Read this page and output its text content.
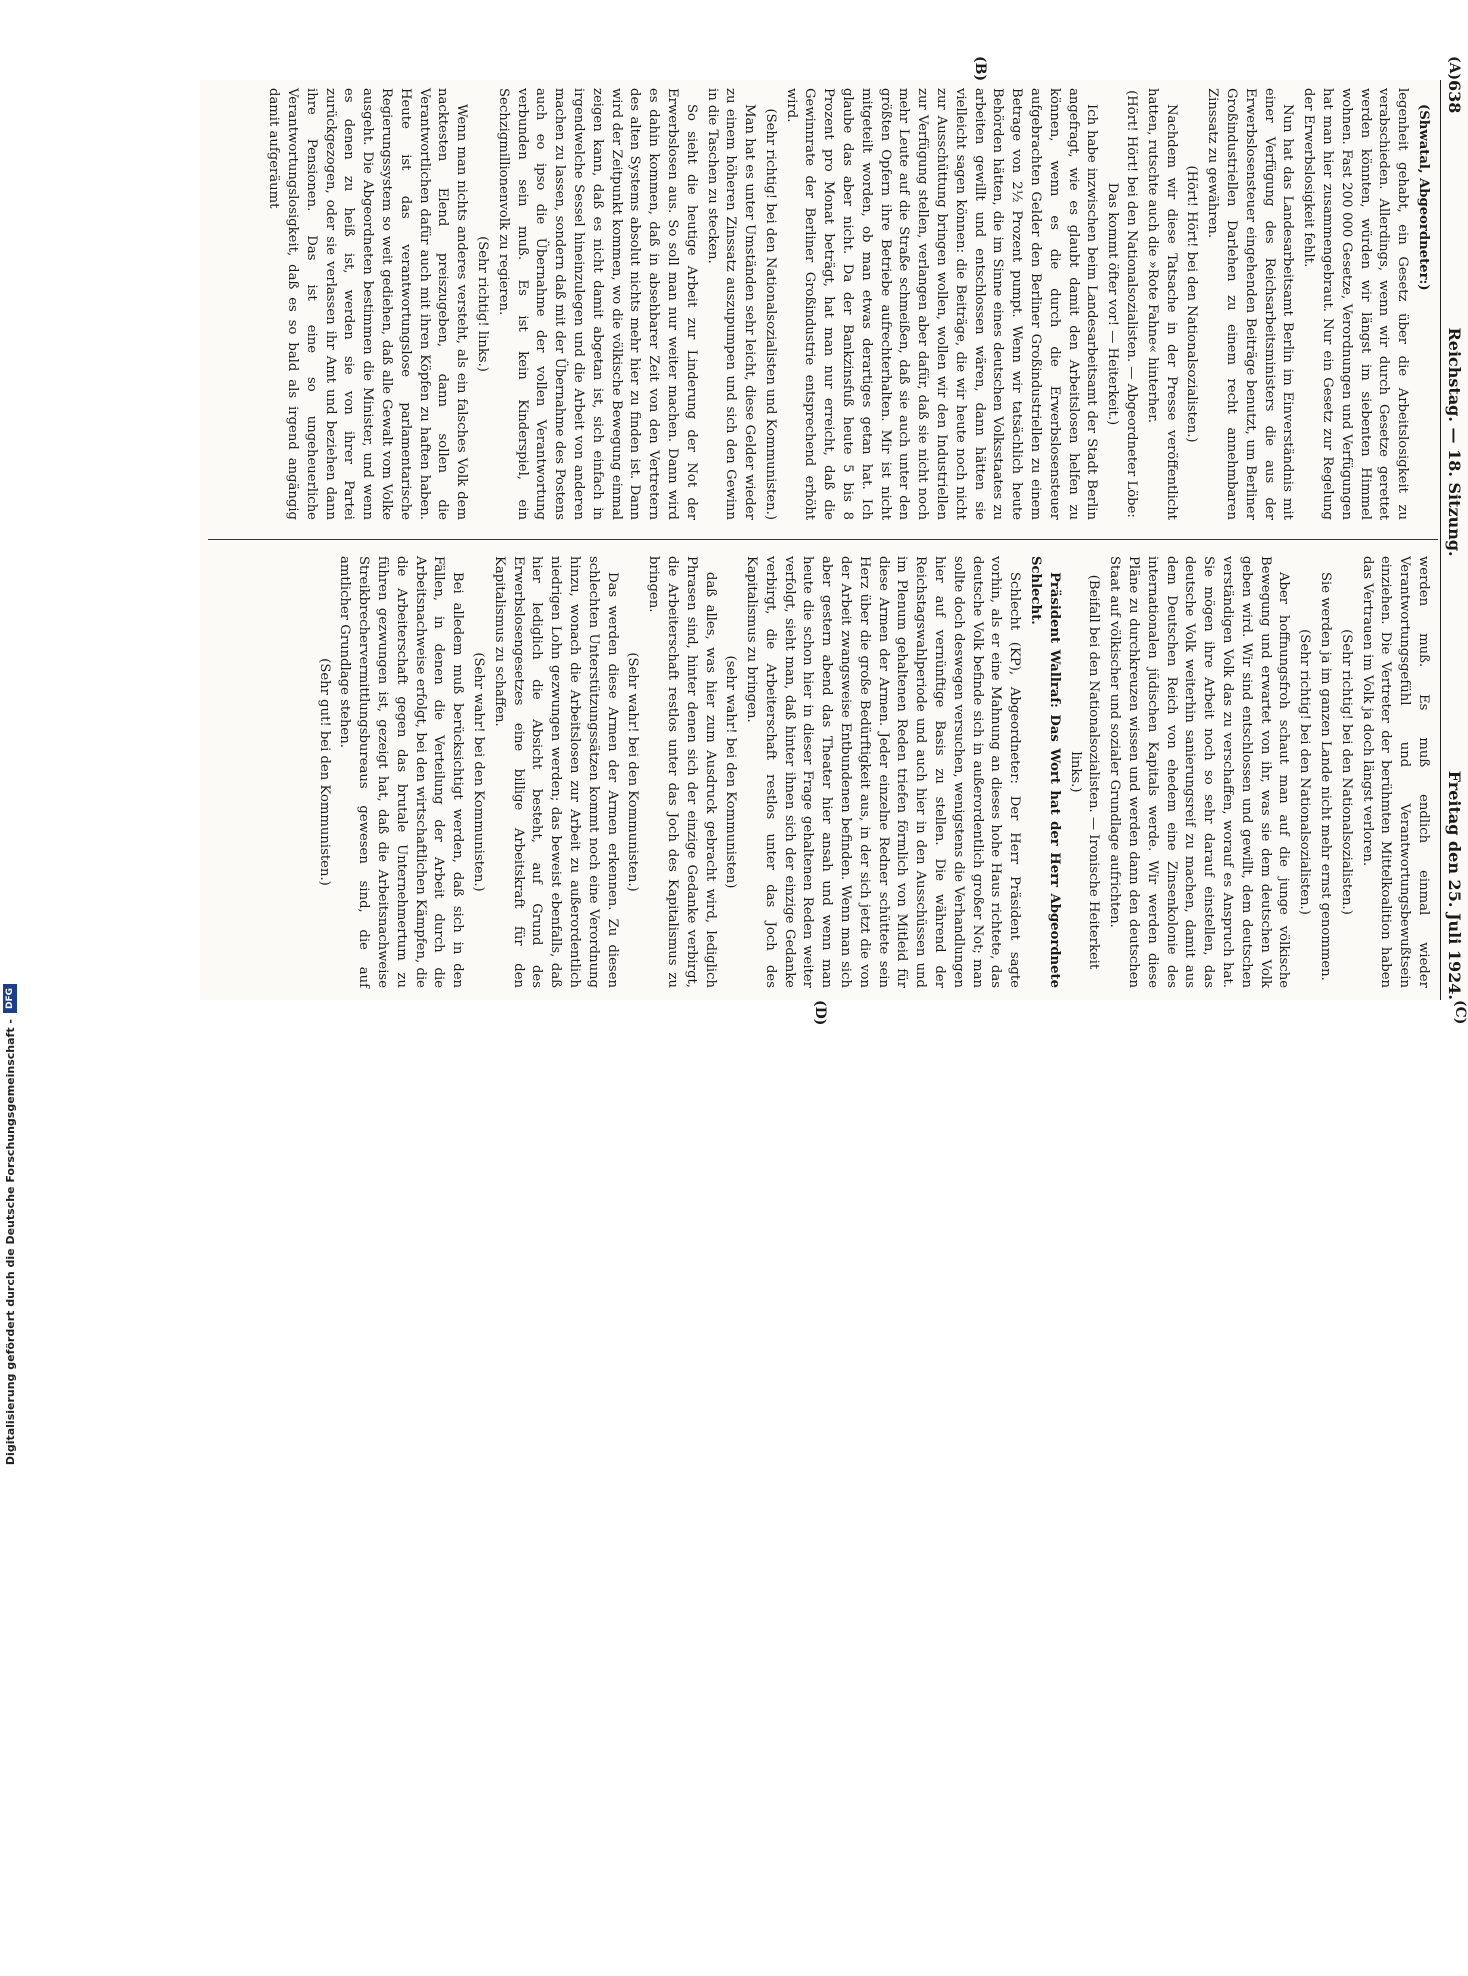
638
Reichstag. — 18. Sitzung.
Freitag den 25. Juli 1924.
(A)
(B)
(C)
(D)

(Shwatal, Abgeordneter:)

legenheit gehabt, ein Gesetz über die Arbeitslosigkeit zu verabschieden. Allerdings, wenn wir durch Gesetze gerettet werden könnten, würden wir längst im siebenten Himmel wohnen. Fast 200 000 Gesetze, Verordnungen und Verfügungen hat man hier zusammengebraut. Nur ein Gesetz zur Regelung der Erwerbslosigkeit fehlt.

Nun hat das Landesarbeitsamt Berlin im Einverständnis mit einer Verfügung des Reichsarbeitsministers die aus der Erwerbslosensteuer eingehenden Beiträge benutzt, um Berliner Großindustriellen Darlehen zu einem recht annehmbaren Zinssatz zu gewähren.

(Hört! Hört! bei den Nationalsozialisten.)

Nachdem wir diese Tatsache in der Presse veröffentlicht hatten, rutschte auch die »Rote Fahne« hinterher.

(Hört! Hört! bei den Nationalsozialisten. — Abgeordneter Löbe: Das kommt öfter vor! — Heiterkeit.)

Ich habe inzwischen beim Landesarbeitsamt der Stadt Berlin angefragt, wie es glaubt damit den Arbeitslosen helfen zu können, wenn es die durch die Erwerbslosensteuer aufgebrachten Gelder den Berliner Großindustriellen zu einem Betrage von 2½ Prozent pumpt. Wenn wir tatsächlich heute Behörden hätten, die im Sinne eines deutschen Volksstaates zu arbeiten gewillt und entschlossen wären, dann hätten sie vielleicht sagen können: die Beiträge, die wir heute noch nicht zur Ausschüttung bringen wollen, wollen wir den Industriellen zur Verfügung stellen, verlangen aber dafür, daß sie nicht noch mehr Leute auf die Straße schmeißen, daß sie auch unter den größten Opfern ihre Betriebe aufrechterhalten. Mir ist nicht mitgeteilt worden, ob man etwas derartiges getan hat. Ich glaube das aber nicht. Da der Bankzinsfuß heute 5 bis 8 Prozent pro Monat beträgt, hat man nur erreicht, daß die Gewinnrate der Berliner Großindustrie entsprechend erhöht wird.

(Sehr richtig! bei den Nationalsozialisten und Kommunisten.)

Man hat es unter Umständen sehr leicht, diese Gelder wieder zu einem höheren Zinssatz auszupumpen und sich den Gewinn in die Taschen zu stecken.

So sieht die heutige Arbeit zur Linderung der Not der Erwerbslosen aus. So soll man nur weiter machen. Dann wird es dahin kommen, daß in absehbarer Zeit von den Vertretern des alten Systems absolut nichts mehr hier zu finden ist. Dann wird der Zeitpunkt kommen, wo die völkische Bewegung einmal zeigen kann, daß es nicht damit abgetan ist, sich einfach in irgendwelche Sessel hineinzulegen und die Arbeit von anderen machen zu lassen, sondern daß mit der Übernahme des Postens auch eo ipso die Übernahme der vollen Verantwortung verbunden sein muß. Es ist kein Kinderspiel, ein Sechzigmillionenvolk zu regieren.

(Sehr richtig! links.)

Wenn man nichts anderes versteht, als ein falsches Volk dem nacktesten Elend preiszugeben, dann sollen die Verantwortlichen dafür auch mit ihren Köpfen zu haften haben. Heute ist das verantwortungslose parlamentarische Regierungssystem so weit gediehen, daß alle Gewalt vom Volke ausgeht. Die Abgeordneten bestimmen die Minister, und wenn es denen zu heiß ist, werden sie von ihrer Partei zurückgezogen, oder sie verlassen ihr Amt und beziehen dann ihre Pensionen. Das ist eine so ungeheuerliche Verantwortungslosigkeit, daß es so bald als irgend angängig damit aufgeräumt

werden muß. Es muß endlich einmal wieder Verantwortungsgefühl und Verantwortungsbewußtsein einziehen. Die Vertreter der berühmten Mittelkoalition haben das Vertrauen im Volk ja doch längst verloren.

(Sehr richtig! bei den Nationalsozialisten.)

Sie werden ja im ganzen Lande nicht mehr ernst genommen.

(Sehr richtig! bei den Nationalsozialisten.)

Aber hoffnungsfroh schaut man auf die junge völkische Bewegung und erwartet von ihr, was sie dem deutschen Volk geben wird. Wir sind entschlossen und gewillt, dem deutschen verständigen Volk das zu verschaffen, worauf es Anspruch hat. Sie mögen ihre Arbeit noch so sehr darauf einstellen, das deutsche Volk weiterhin sanierungsreif zu machen, damit aus dem Deutschen Reich von ehedem eine Zinsenkolonie des internationalen jüdischen Kapitals werde. Wir werden diese Pläne zu durchkreuzen wissen und werden dann den deutschen Staat auf völkischer und sozialer Grundlage aufrichten.

(Beifall bei den Nationalsozialisten. — Ironische Heiterkeit links.)

Präsident Wallraf: Das Wort hat der Herr Abgeordnete Schlecht.

Schlecht (KP), Abgeordneter: Der Herr Präsident sagte vorhin, als er eine Mahnung an dieses hohe Haus richtete, das deutsche Volk befinde sich in außerordentlich großer Not; man sollte doch deswegen versuchen, wenigstens die Verhandlungen hier auf vernünftige Basis zu stellen. Die während der Reichstagswahlperiode und auch hier in den Ausschüssen und im Plenum gehaltenen Reden triefen förmlich von Mitleid für diese Armen der Armen. Jeder einzelne Redner schüttete sein Herz über die große Bedürftigkeit aus, in der sich jetzt die von der Arbeit zwangsweise Entbundenen befinden. Wenn man sich aber gestern abend das Theater hier ansah und wenn man heute die schon hier in dieser Frage gehaltenen Reden weiter verfolgt, sieht man, daß hinter ihnen sich der einzige Gedanke verbirgt, die Arbeiterschaft restlos unter das Joch des Kapitalismus zu bringen.

(sehr wahr! bei den Kommunisten)

daß alles, was hier zum Ausdruck gebracht wird, lediglich Phrasen sind, hinter denen sich der einzige Gedanke verbirgt, die Arbeiterschaft restlos unter das Joch des Kapitalismus zu bringen.

(Sehr wahr! bei den Kommunisten.)

Das werden diese Armen der Armen erkennen. Zu diesen schlechten Unterstützungssätzen kommt noch eine Verordnung hinzu, wonach die Arbeitslosen zur Arbeit zu außerordentlich niedrigen Lohn gezwungen werden; das beweist ebenfalls, daß hier lediglich die Absicht besteht, auf Grund des Erwerbslosengesetzes eine billige Arbeitskraft für den Kapitalismus zu schaffen.

(Sehr wahr! bei den Kommunisten.)

Bei alledem muß berücksichtigt werden, daß sich in den Fällen, in denen die Verteilung der Arbeit durch die Arbeitsnachweise erfolgt, bei den wirtschaftlichen Kämpfen, die die Arbeiterschaft gegen das brutale Unternehmertum zu führen gezwungen ist, gezeigt hat, daß die Arbeitsnachweise Streikbrechervermittlungsbureaus gewesen sind, die auf amtlicher Grundlage stehen.

(Sehr gut! bei den Kommunisten.)

Digitalisierung gefördert durch die Deutsche Forschungsgemeinschaft -
DFG
